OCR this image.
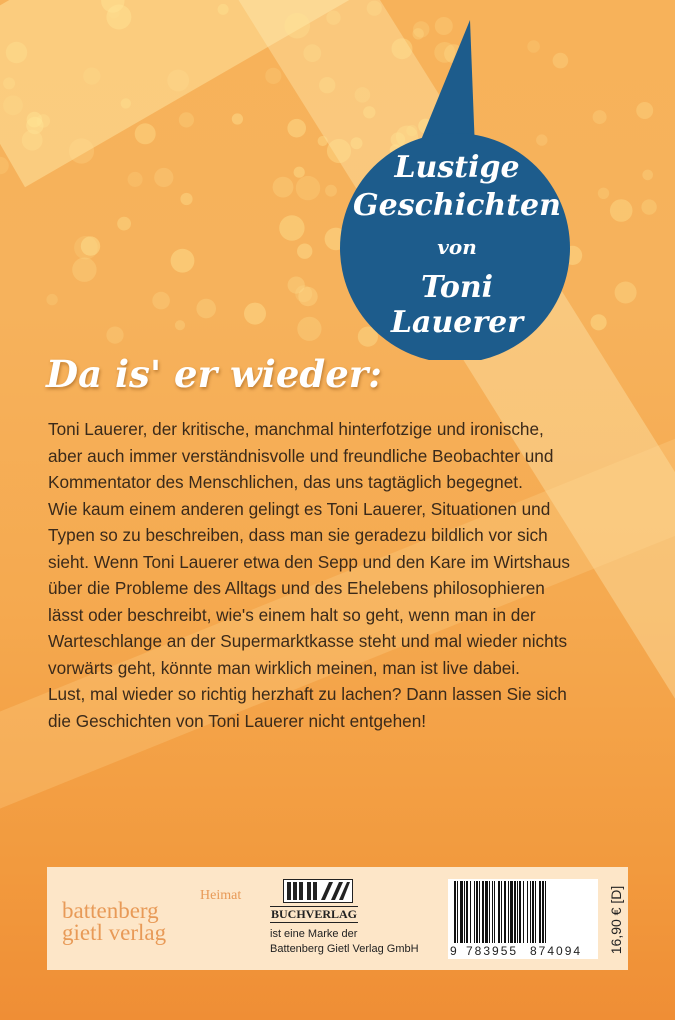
Lustige
Geschichten
von
Toni Lauerer
Da is' er wieder:

Toni Lauerer, der kritische, manchmal hinterfotzige und ironische,

aber auch immer verständnisvolle und freundliche Beobachter und

Kommentator des Menschlichen, das uns tagtäglich begegnet.

Wie kaum einem anderen gelingt es Toni Lauerer, Situationen und

Typen so zu beschreiben, dass man sie geradezu bildlich vor sich

sieht. Wenn Toni Lauerer etwa den Sepp und den Kare im Wirtshaus

über die Probleme des Alltags und des Ehelebens philosophieren

lässt oder beschreibt, wie's einem halt so geht, wenn man in der

Warteschlange an der Supermarktkasse steht und mal wieder nichts

vorwärts geht, könnte man wirklich meinen, man ist live dabei.

Lust, mal wieder so richtig herzhaft zu lachen? Dann lassen Sie sich

die Geschichten von Toni Lauerer nicht entgehen!

Heimat
battenberg
gietl verlag
BUCHVERLAG
ist eine Marke der
Battenberg Gietl Verlag GmbH	9 783955 874094 16,90 € [D]
